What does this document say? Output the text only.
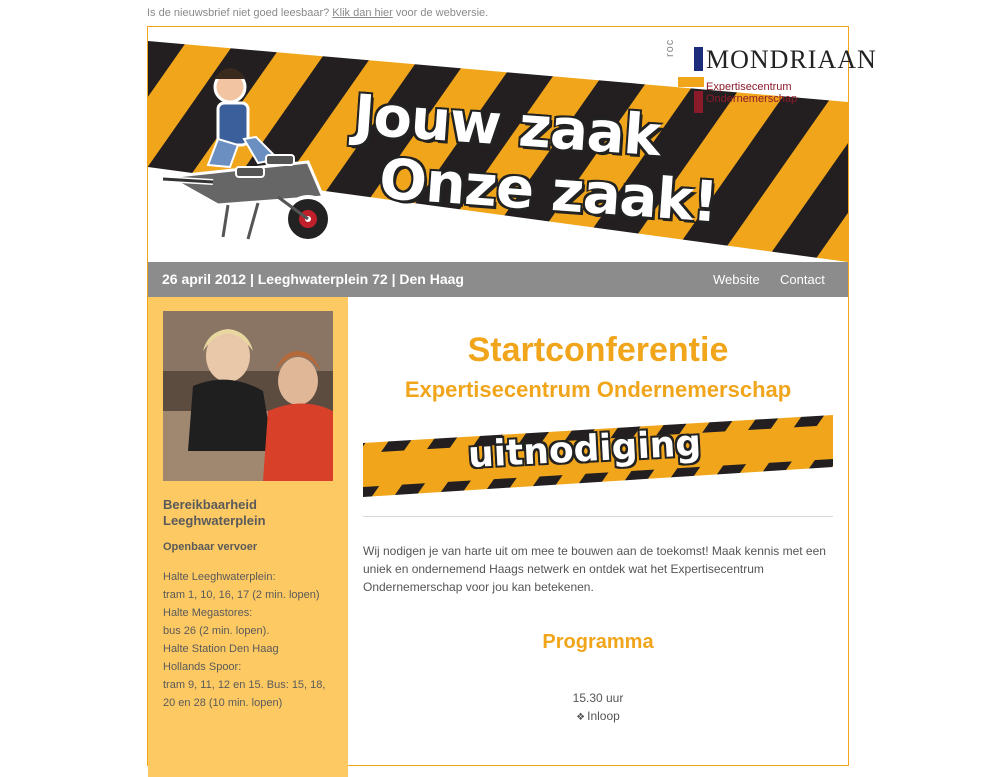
Is de nieuwsbrief niet goed leesbaar? Klik dan hier voor de webversie.
Jouw zaak
Onze zaak!
roc MONDRIAAN
Expertisecentrum
Ondernemerschap
26 april 2012 | Leeghwaterplein 72 | Den Haag	Website Contact
Bereikbaarheid Leeghwaterplein
Openbaar vervoer
Halte Leeghwaterplein:
tram 1, 10, 16, 17 (2 min. lopen)
Halte Megastores:
bus 26 (2 min. lopen).
Halte Station Den Haag
Hollands Spoor:
tram 9, 11, 12 en 15. Bus: 15, 18,
20 en 28 (10 min. lopen)
Startconferentie
Expertisecentrum Ondernemerschap
uitnodiging
Wij nodigen je van harte uit om mee te bouwen aan de toekomst! Maak kennis met een uniek en ondernemend Haags netwerk en ontdek wat het Expertisecentrum Ondernemerschap voor jou kan betekenen.
Programma
15.30 uur
❖ Inloop
